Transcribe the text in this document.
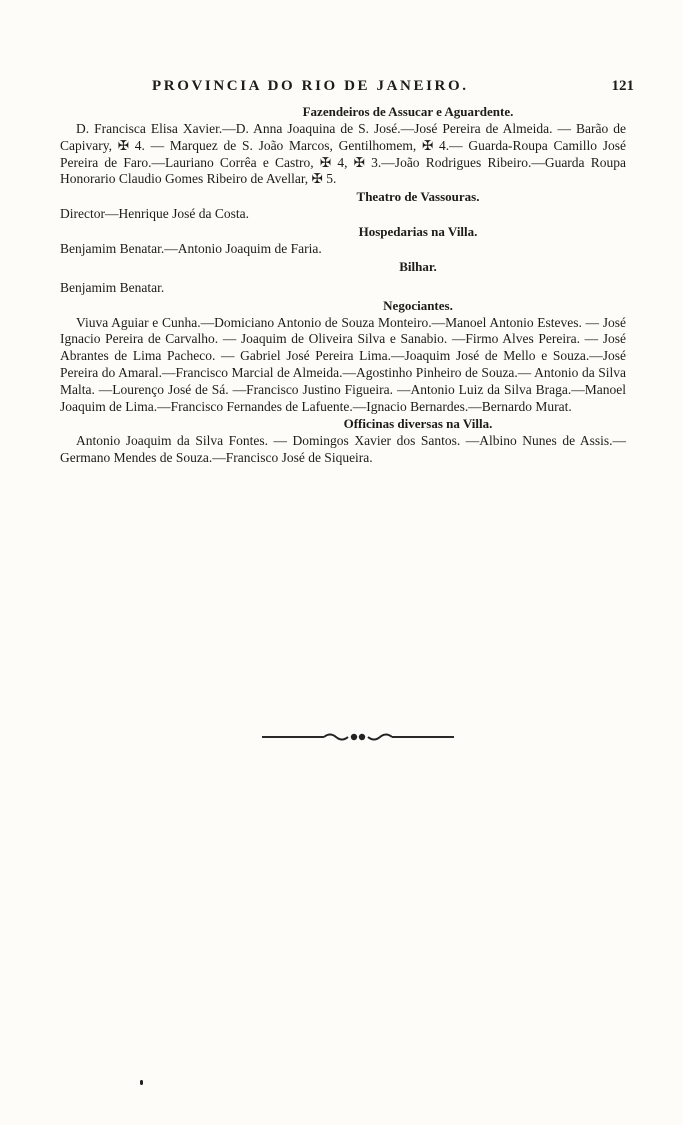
PROVINCIA DO RIO DE JANEIRO.	121
Fazendeiros de Assucar e Aguardente.

D. Francisca Elisa Xavier.—D. Anna Joaquina de S. José.—José Pereira de Almeida. — Barão de Capivary, ✠ 4. — Marquez de S. João Marcos, Gentilhomem, ✠ 4.— Guarda-Roupa Camillo José Pereira de Faro.—Lauriano Corrêa e Castro, ✠ 4, ✠ 3.—João Rodrigues Ribeiro.—Guarda Roupa Honorario Claudio Gomes Ribeiro de Avellar, ✠ 5.

Theatro de Vassouras.

Director—Henrique José da Costa.

Hospedarias na Villa.

Benjamim Benatar.—Antonio Joaquim de Faria.

Bilhar.

Benjamim Benatar.

Negociantes.

Viuva Aguiar e Cunha.—Domiciano Antonio de Souza Monteiro.—Manoel Antonio Esteves. — José Ignacio Pereira de Carvalho. — Joaquim de Oliveira Silva e Sanabio. —Firmo Alves Pereira. — José Abrantes de Lima Pacheco. — Gabriel José Pereira Lima.—Joaquim José de Mello e Souza.—José Pereira do Amaral.—Francisco Marcial de Almeida.—Agostinho Pinheiro de Souza.— Antonio da Silva Malta. —Lourenço José de Sá. —Francisco Justino Figueira. —Antonio Luiz da Silva Braga.—Manoel Joaquim de Lima.—Francisco Fernandes de Lafuente.—Ignacio Bernardes.—Bernardo Murat.

Officinas diversas na Villa.

Antonio Joaquim da Silva Fontes. — Domingos Xavier dos Santos. —Albino Nunes de Assis.— Germano Mendes de Souza.—Francisco José de Siqueira.
